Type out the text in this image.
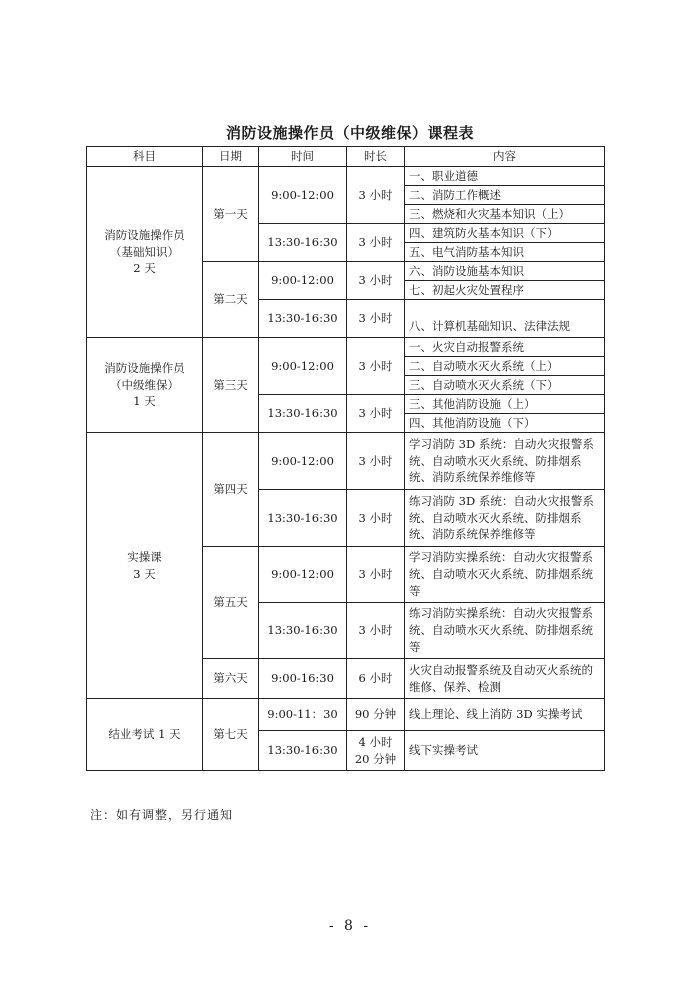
消防设施操作员（中级维保）课程表
科目	日期	时间	时长	内容

消防设施操作员
（基础知识）
2 天	第一天	9:00-12:00	3 小时	一、职业道德
				二、消防工作概述
				三、燃烧和火灾基本知识（上）
		13:30-16:30	3 小时	四、建筑防火基本知识（下）
				五、电气消防基本知识
	第二天	9:00-12:00	3 小时	六、消防设施基本知识
				七、初起火灾处置程序
		13:30-16:30	3 小时	八、计算机基础知识、法律法规

消防设施操作员
（中级维保）
1 天	第三天	9:00-12:00	3 小时	一、火灾自动报警系统
				二、自动喷水灭火系统（上）
				三、自动喷水灭火系统（下）
		13:30-16:30	3 小时	三、其他消防设施（上）
				四、其他消防设施（下）

实操课
3 天	第四天	9:00-12:00	3 小时	学习消防 3D 系统：自动火灾报警系统、自动喷水灭火系统、防排烟系统、消防系统保养维修等
		13:30-16:30	3 小时	练习消防 3D 系统：自动火灾报警系统、自动喷水灭火系统、防排烟系统、消防系统保养维修等
	第五天	9:00-12:00	3 小时	学习消防实操系统：自动火灾报警系统、自动喷水灭火系统、防排烟系统等
		13:30-16:30	3 小时	练习消防实操系统：自动火灾报警系统、自动喷水灭火系统、防排烟系统等
	第六天	9:00-16:30	6 小时	火灾自动报警系统及自动灭火系统的维修、保养、检测
结业考试 1 天	第七天	9:00-11：30	90 分钟	线上理论、线上消防 3D 实操考试
		13:30-16:30	4 小时 20 分钟	线下实操考试
注：如有调整，另行通知
- 8 -
